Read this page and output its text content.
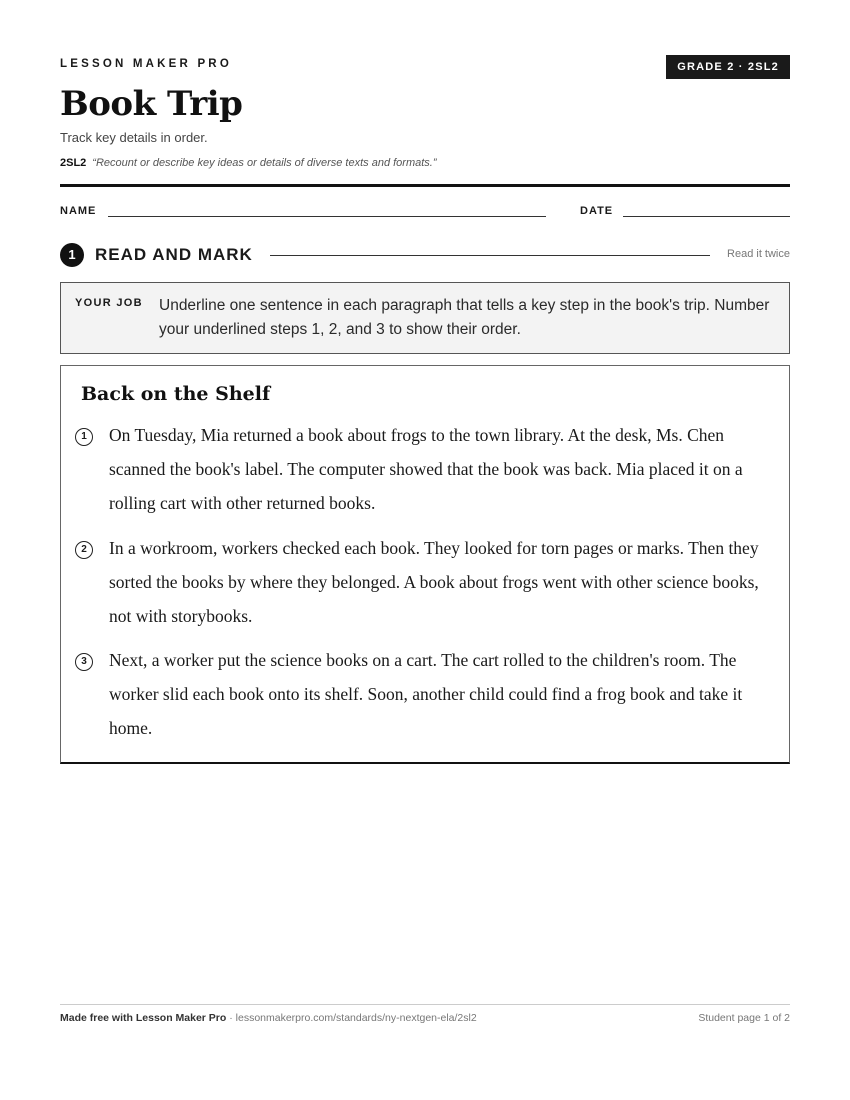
LESSON MAKER PRO	GRADE 2 · 2SL2
Book Trip
Track key details in order.
2SL2 “Recount or describe key ideas or details of diverse texts and formats.”
NAME	DATE
1	READ AND MARK	Read it twice
YOUR JOB Underline one sentence in each paragraph that tells a key step in the book's trip. Number your underlined steps 1, 2, and 3 to show their order.
Back on the Shelf
1	On Tuesday, Mia returned a book about frogs to the town library. At the desk, Ms. Chen scanned the book's label. The computer showed that the book was back. Mia placed it on a rolling cart with other returned books.
2	In a workroom, workers checked each book. They looked for torn pages or marks. Then they sorted the books by where they belonged. A book about frogs went with other science books, not with storybooks.
3	Next, a worker put the science books on a cart. The cart rolled to the children's room. The worker slid each book onto its shelf. Soon, another child could find a frog book and take it home.
Made free with Lesson Maker Pro · lessonmakerpro.com/standards/ny-nextgen-ela/2sl2	Student page 1 of 2
